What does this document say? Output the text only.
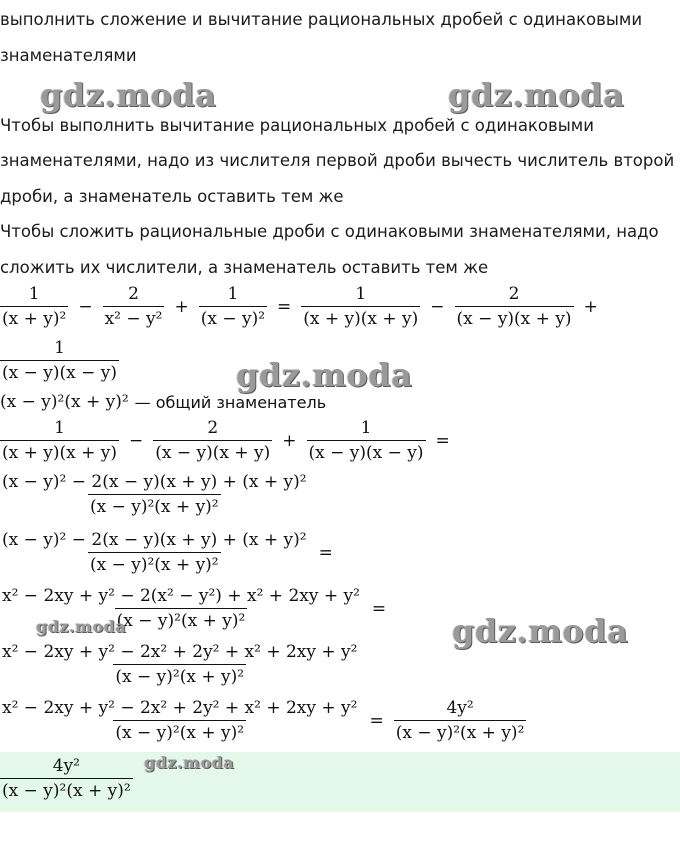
выполнить сложение и вычитание рациональных дробей с одинаковыми

знаменателями

Чтобы выполнить вычитание рациональных дробей с одинаковыми

знаменателями, надо из числителя первой дроби вычесть числитель второй

дроби, а знаменатель оставить тем же

Чтобы сложить рациональные дроби с одинаковыми знаменателями, надо

сложить их числители, а знаменатель оставить тем же

$\frac{1}{\text{(x + y)²}} - \frac{2}{\text{x² − y²}} + \frac{1}{\text{(x − y)²}} = \frac{1}{(x + y)(x + y)} - \frac{2}{(x - y)(x + y)}$ +
$\frac{1}{(x - y)(x - y)}$
(x − y)²(x + y)² — общий знаменатель
$\frac{1}{(x + y)(x + y)} - \frac{2}{(x - y)(x + y)} + \frac{1}{(x - y)(x - y)}$ =
$\frac{\text{(x − y)² − 2(x − y)(x + y) + (x + y)²}}{\text{(x − y)²(x + y)²}}$
$\frac{\text{(x − y)² − 2(x − y)(x + y) + (x + y)²}}{\text{(x − y)²(x + y)²}}$ =
$\frac{\text{x² − 2xy + y² − 2(x² − y²) + x² + 2xy + y²}}{\text{(x − y)²(x + y)²}}$ =
$\frac{\text{x² − 2xy + y² − 2x² + 2y² + x² + 2xy + y²}}{\text{(x − y)²(x + y)²}}$
$\frac{\text{x² − 2xy + y² − 2x² + 2y² + x² + 2xy + y²}}{\text{(x − y)²(x + y)²}} = \frac{\text{4y²}}{\text{(x − y)²(x + y)²}}$
$\frac{\text{4y²}}{\text{(x − y)²(x + y)²}}$
gdz.moda	gdz.moda
gdz.moda
gdz.moda
gdz.moda
gdz.moda
